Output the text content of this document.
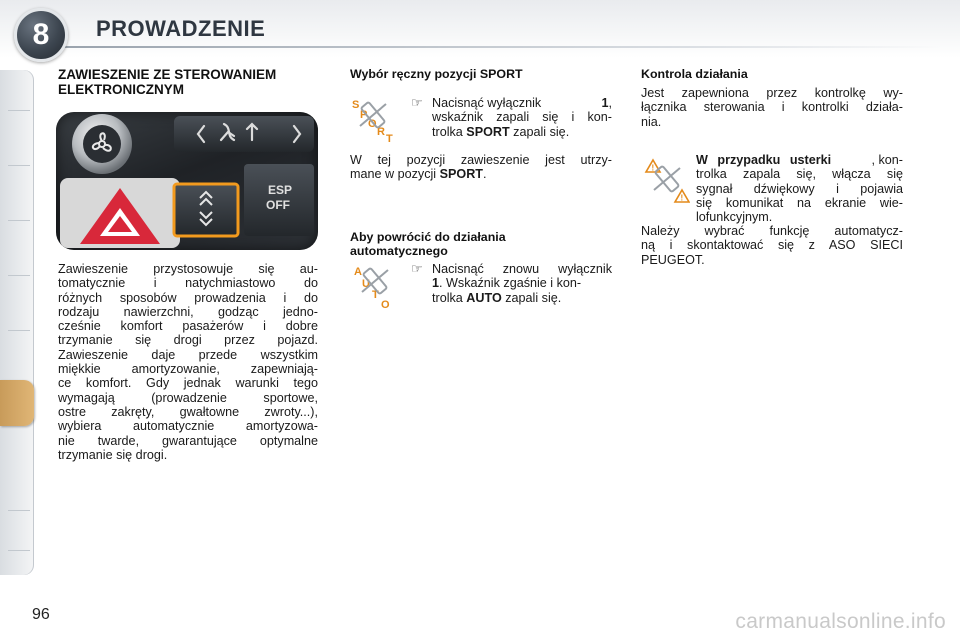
8	PROWADZENIE
ZAWIESZENIE ZE STEROWANIEM
ELEKTRONICZNYM
ESP
OFF
Zawieszenie przystosowuje się au-
tomatycznie i natychmiastowo do
różnych sposobów prowadzenia i do
rodzaju nawierzchni, godząc jedno-
cześnie komfort pasażerów i dobre
trzymanie się drogi przez pojazd.
Zawieszenie daje przede wszystkim
miękkie amortyzowanie, zapewniają-
ce komfort. Gdy jednak warunki tego
wymagają (prowadzenie sportowe,
ostre zakręty, gwałtowne zwroty...),
wybiera automatycznie amortyzowa-
nie twarde, gwarantujące optymalne
trzymanie się drogi.
Wybór ręczny pozycji SPORT
S
P
O
R
T
☞ Nacisnąć wyłącznik	1,
wskaźnik zapali się i kon-
trolka SPORT zapali się.
W tej pozycji zawieszenie jest utrzy-
mane w pozycji SPORT.
Aby powrócić do działania
automatycznego
A
U
T
O
☞ Nacisnąć znowu wyłącznik
1. Wskaźnik zgaśnie i kon-
trolka AUTO zapali się.
Kontrola działania
Jest zapewniona przez kontrolkę wy-
łącznika sterowania i kontrolki działa-
nia.
!
!
W przypadku usterki	, kon-
trolka zapala się, włącza się
sygnał dźwiękowy i pojawia
się komunikat na ekranie wie-
lofunkcyjnym.
Należy wybrać funkcję automatycz-
ną i skontaktować się z ASO SIECI
PEUGEOT.
96	carmanualsonline.info
